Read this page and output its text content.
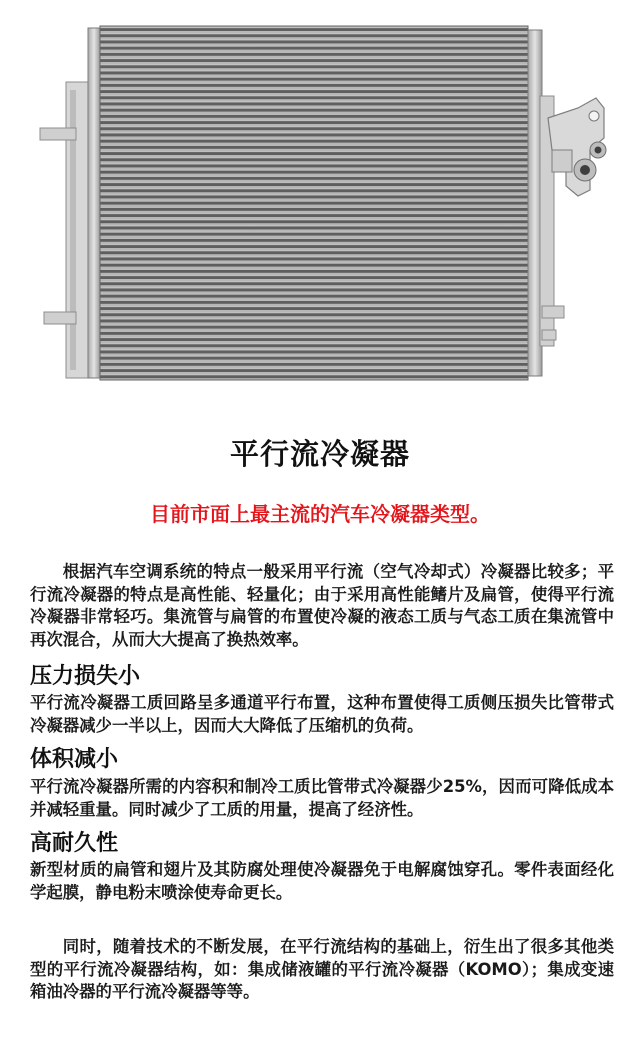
平行流冷凝器

目前市面上最主流的汽车冷凝器类型。

根据汽车空调系统的特点一般采用平行流（空气冷却式）冷凝器比较多；平行流冷凝器的特点是高性能、轻量化；由于采用高性能鳍片及扁管，使得平行流冷凝器非常轻巧。集流管与扁管的布置使冷凝的液态工质与气态工质在集流管中再次混合，从而大大提高了换热效率。

压力损失小

平行流冷凝器工质回路呈多通道平行布置，这种布置使得工质侧压损失比管带式冷凝器减少一半以上，因而大大降低了压缩机的负荷。

体积减小

平行流冷凝器所需的内容积和制冷工质比管带式冷凝器少25%，因而可降低成本并减轻重量。同时减少了工质的用量，提高了经济性。

高耐久性

新型材质的扁管和翅片及其防腐处理使冷凝器免于电解腐蚀穿孔。零件表面经化学起膜，静电粉末喷涂使寿命更长。

同时，随着技术的不断发展，在平行流结构的基础上，衍生出了很多其他类型的平行流冷凝器结构，如：集成储液罐的平行流冷凝器（KOMO）；集成变速箱油冷器的平行流冷凝器等等。
